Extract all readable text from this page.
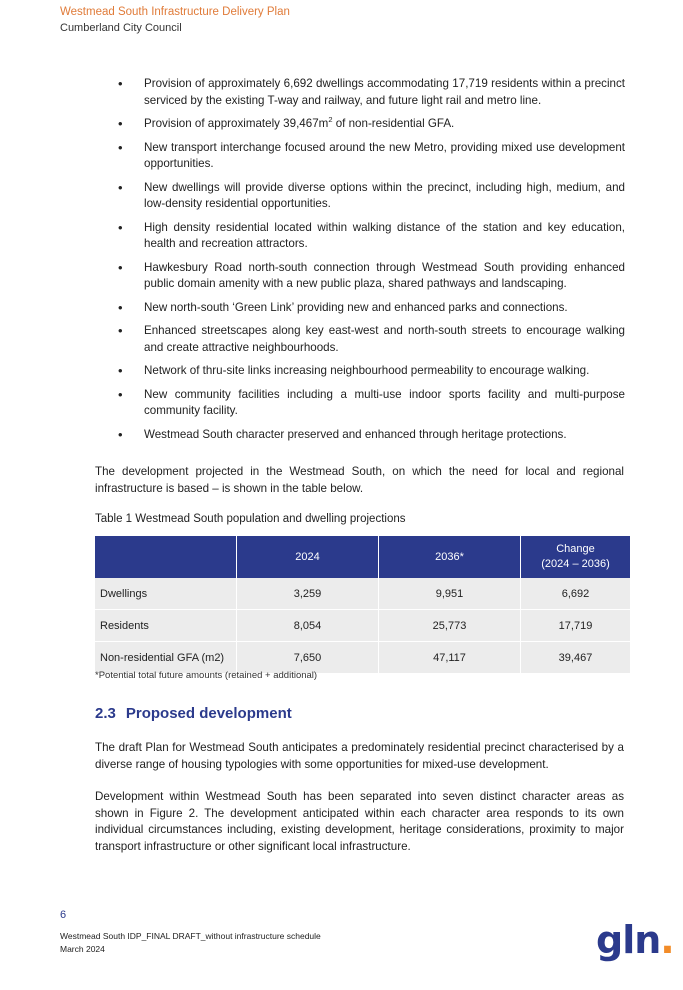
Westmead South Infrastructure Delivery Plan
Cumberland City Council
• Provision of approximately 6,692 dwellings accommodating 17,719 residents within a precinct serviced by the existing T-way and railway, and future light rail and metro line.
• Provision of approximately $39,467m^2$ of non-residential GFA.
• New transport interchange focused around the new Metro, providing mixed use development opportunities.
• New dwellings will provide diverse options within the precinct, including high, medium, and low-density residential opportunities.
• High density residential located within walking distance of the station and key education, health and recreation attractors.
• Hawkesbury Road north-south connection through Westmead South providing enhanced public domain amenity with a new public plaza, shared pathways and landscaping.
• New north-south ‘Green Link’ providing new and enhanced parks and connections.
• Enhanced streetscapes along key east-west and north-south streets to encourage walking and create attractive neighbourhoods.
• Network of thru-site links increasing neighbourhood permeability to encourage walking.
• New community facilities including a multi-use indoor sports facility and multi-purpose community facility.
• Westmead South character preserved and enhanced through heritage protections.

The development projected in the Westmead South, on which the need for local and regional infrastructure is based – is shown in the table below.

Table 1 Westmead South population and dwelling projections
	2024	2036*	Change
(2024 – 2036)

Dwellings	3,259	9,951	6,692
Residents	8,054	25,773	17,719
Non-residential GFA (m2)	7,650	47,117	39,467
*Potential total future amounts (retained + additional)
2.3 Proposed development

The draft Plan for Westmead South anticipates a predominately residential precinct characterised by a diverse range of housing typologies with some opportunities for mixed-use development.

Development within Westmead South has been separated into seven distinct character areas as shown in Figure 2. The development anticipated within each character area responds to its own individual circumstances including, existing development, heritage considerations, proximity to major transport infrastructure or other significant local infrastructure.

6
Westmead South IDP_FINAL DRAFT_without infrastructure schedule
March 2024	gln.
